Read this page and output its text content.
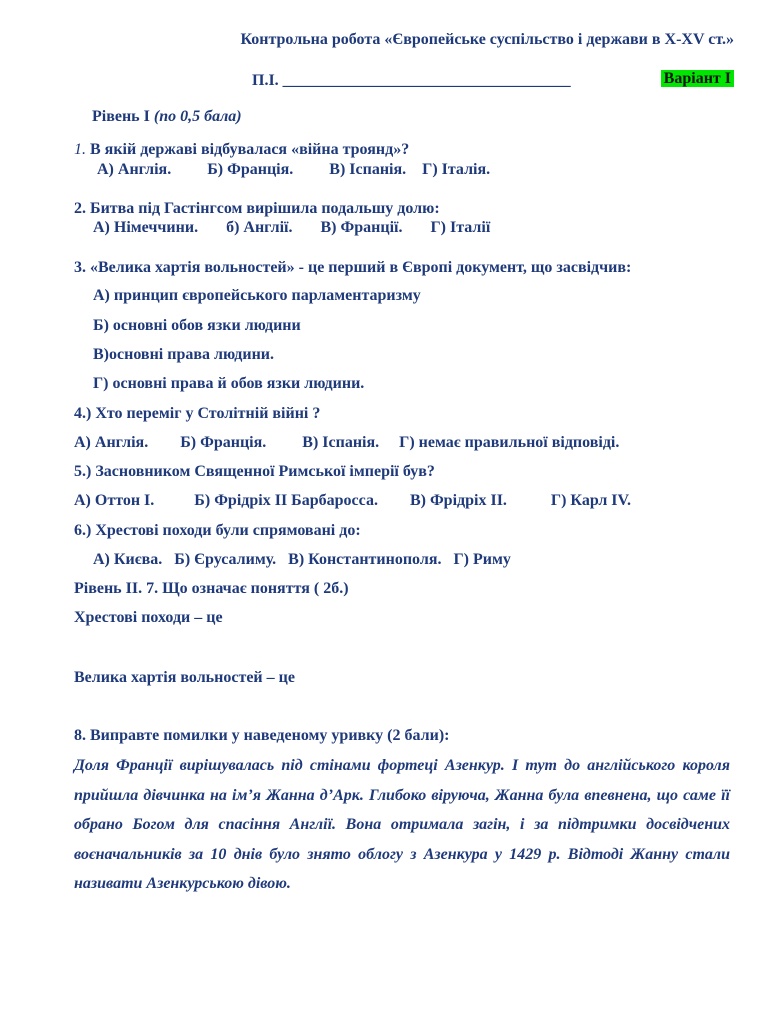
Контрольна робота «Європейське суспільство і держави в X-XV ст.»

Варіант І

П.І. ____________________________________
Рівень І (по 0,5 бала)
1. В якій державі відбувалася «війна троянд»?
А) Англія.         Б) Франція.         В) Іспанія.    Г) Італія.
2. Битва під Гастінгсом вирішила подальшу долю:
А) Німеччини.       б) Англії.       В) Франції.       Г) Італії
3. «Велика хартія вольностей» - це перший в Європі документ, що засвідчив:
А) принцип європейського парламентаризму
Б) основні обов язки людини
В)основні права людини.
Г) основні права й обов язки людини.
4.) Хто переміг у Столітній війні ?
А) Англія.        Б) Франція.         В) Іспанія.     Г) немає правильної відповіді.
5.) Засновником Священної Римської імперії був?
А) Оттон І.          Б) Фрідріх ІІ Барбаросса.        В) Фрідріх ІІ.           Г) Карл IV.
6.) Хрестові походи були спрямовані до:
А) Києва.   Б) Єрусалиму.   В) Константинополя.   Г) Риму
Рівень ІІ. 7. Що означає поняття ( 2б.)
Хрестові походи – це
Велика хартія вольностей – це
8. Виправте помилки у наведеному уривку (2 бали):

Доля Франції вирішувалась під стінами фортеці Азенкур. І тут до англійського короля прийшла дівчинка на ім’я Жанна д’Арк. Глибоко віруюча, Жанна була впевнена, що саме її обрано Богом для спасіння Англії. Вона отримала загін, і за підтримки досвідчених воєначальників за 10 днів було знято облогу з Азенкура у 1429 р. Відтоді Жанну стали називати Азенкурською дівою.
